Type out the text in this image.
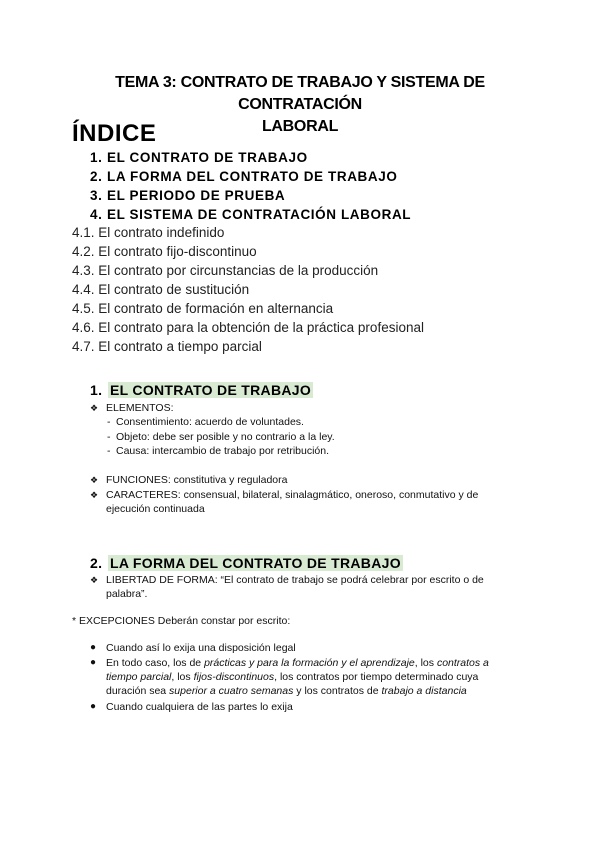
TEMA 3: CONTRATO DE TRABAJO Y SISTEMA DE CONTRATACIÓN
LABORAL
ÍNDICE
1. EL CONTRATO DE TRABAJO
2. LA FORMA DEL CONTRATO DE TRABAJO
3. EL PERIODO DE PRUEBA
4. EL SISTEMA DE CONTRATACIÓN LABORAL
4.1. El contrato indefinido
4.2. El contrato fijo-discontinuo
4.3. El contrato por circunstancias de la producción
4.4. El contrato de sustitución
4.5. El contrato de formación en alternancia
4.6. El contrato para la obtención de la práctica profesional
4.7. El contrato a tiempo parcial
1. EL CONTRATO DE TRABAJO
❖ ELEMENTOS:
- Consentimiento: acuerdo de voluntades.
- Objeto: debe ser posible y no contrario a la ley.
- Causa: intercambio de trabajo por retribución.
❖ FUNCIONES: constitutiva y reguladora
❖ CARACTERES: consensual, bilateral, sinalagmático, oneroso, conmutativo y de
ejecución continuada
2. LA FORMA DEL CONTRATO DE TRABAJO
❖ LIBERTAD DE FORMA: “El contrato de trabajo se podrá celebrar por escrito o de
palabra”.
* EXCEPCIONES Deberán constar por escrito:
● Cuando así lo exija una disposición legal
● En todo caso, los de prácticas y para la formación y el aprendizaje, los contratos a
tiempo parcial, los fijos-discontinuos, los contratos por tiempo determinado cuya
duración sea superior a cuatro semanas y los contratos de trabajo a distancia
● Cuando cualquiera de las partes lo exija
